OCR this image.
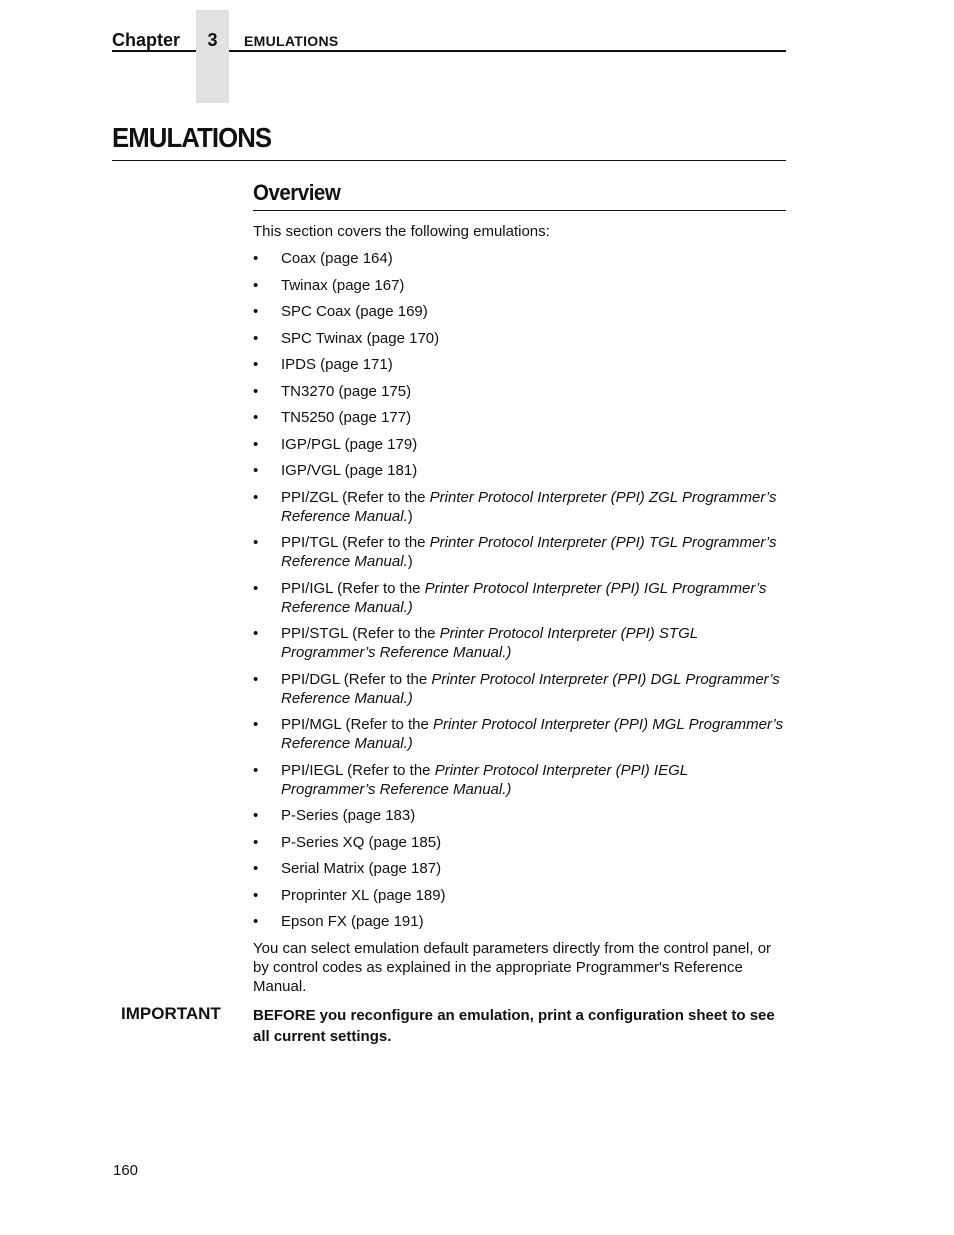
Chapter	3	EMULATIONS
EMULATIONS
Overview

This section covers the following emulations:

• Coax (page 164)
• Twinax (page 167)
• SPC Coax (page 169)
• SPC Twinax (page 170)
• IPDS (page 171)
• TN3270 (page 175)
• TN5250 (page 177)
• IGP/PGL (page 179)
• IGP/VGL (page 181)
• PPI/ZGL (Refer to the Printer Protocol Interpreter (PPI) ZGL Programmer’s Reference Manual.)
• PPI/TGL (Refer to the Printer Protocol Interpreter (PPI) TGL Programmer’s Reference Manual.)
• PPI/IGL (Refer to the Printer Protocol Interpreter (PPI) IGL Programmer’s Reference Manual.)
• PPI/STGL (Refer to the Printer Protocol Interpreter (PPI) STGL Programmer’s Reference Manual.)
• PPI/DGL (Refer to the Printer Protocol Interpreter (PPI) DGL Programmer’s Reference Manual.)
• PPI/MGL (Refer to the Printer Protocol Interpreter (PPI) MGL Programmer’s Reference Manual.)
• PPI/IEGL (Refer to the Printer Protocol Interpreter (PPI) IEGL Programmer’s Reference Manual.)
• P-Series (page 183)
• P-Series XQ (page 185)
• Serial Matrix (page 187)
• Proprinter XL (page 189)
• Epson FX (page 191)

You can select emulation default parameters directly from the control panel, or by control codes as explained in the appropriate Programmer's Reference Manual.

IMPORTANT BEFORE you reconfigure an emulation, print a configuration sheet to see all current settings.
160
